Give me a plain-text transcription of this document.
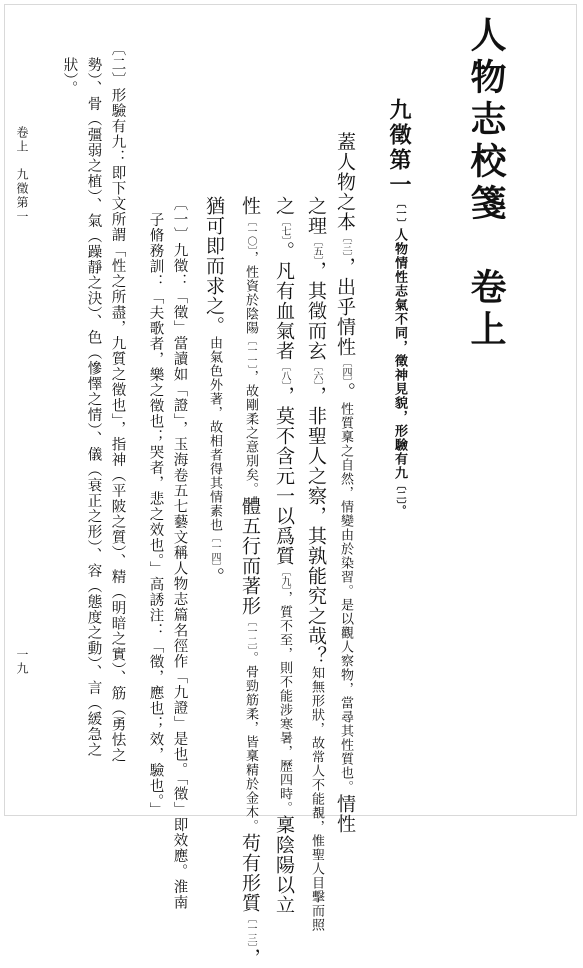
人物志校箋　卷上
九徵第一〔一〕人物情性志氣不同，徵神見貌，形驗有九〔二〕。
蓋人物之本〔三〕，出乎情性〔四〕。性質稟之自然，情變由於染習。是以觀人察物，當尋其性質也。情性
之理〔五〕，其徵而玄〔六〕，非聖人之察，其孰能究之哉？知無形狀，故常人不能覩，惟聖人目擊而照
之〔七〕。凡有血氣者〔八〕，莫不含元一以爲質〔九〕，質不至，則不能涉寒暑，歷四時。稟陰陽以立
性〔一〇〕，性資於陰陽〔一一〕，故剛柔之意別矣。體五行而著形〔一二〕。骨勁筋柔，皆稟精於金木。苟有形質〔一三〕，
猶可即而求之。由氣色外著，故相者得其情素也〔一四〕。
〔一〕九徵：「徵」當讀如「證」，玉海卷五七藝文稱人物志篇名徑作「九證」是也。「徵」即效應。淮南
子脩務訓：「夫歌者，樂之徵也；哭者，悲之效也。」高誘注：「徵，應也；效，驗也。」
〔二〕形驗有九：即下文所謂「性之所盡，九質之徵也」，指神（平陂之質）、精（明暗之實）、筋（勇怯之
勢）、骨（彊弱之植）、氣（躁靜之決）、色（慘懌之情）、儀（衰正之形）、容（態度之動）、言（緩急之
狀）。
卷上　九徵第一
一九
